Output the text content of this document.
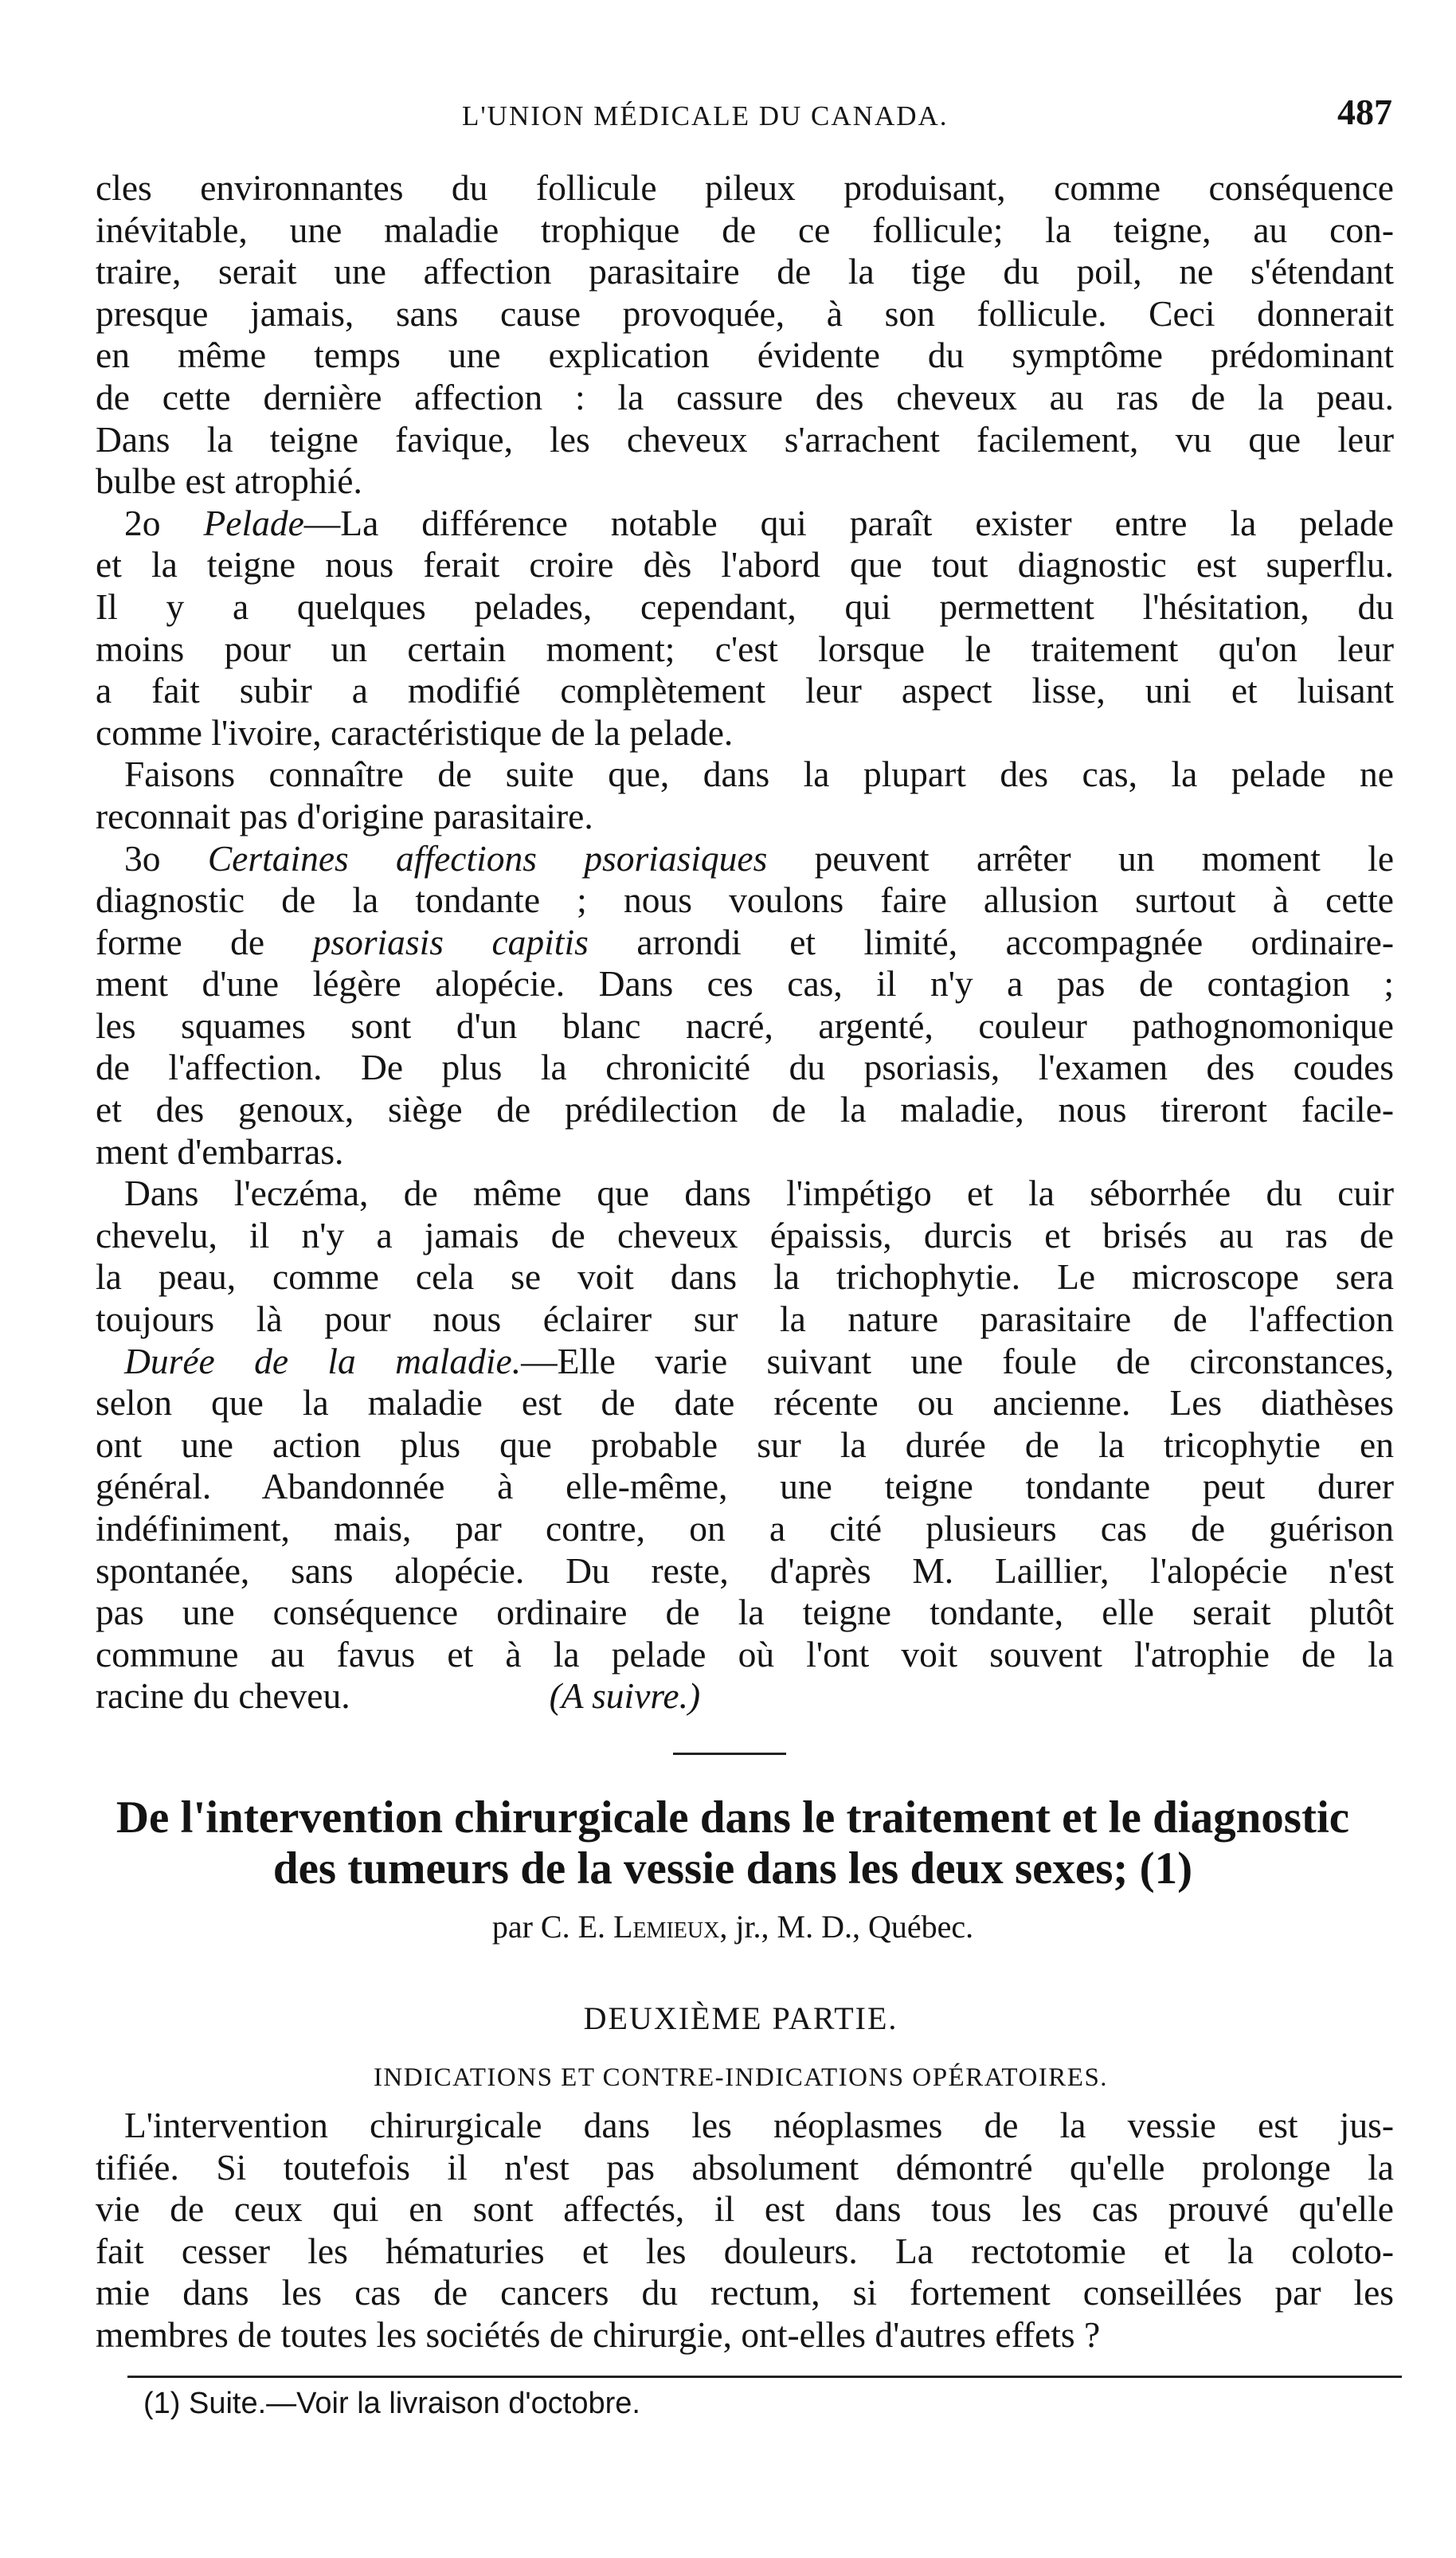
L'UNION MÉDICALE DU CANADA.	487
cles environnantes du follicule pileux produisant, comme conséquence
inévitable, une maladie trophique de ce follicule; la teigne, au con-
traire, serait une affection parasitaire de la tige du poil, ne s'étendant
presque jamais, sans cause provoquée, à son follicule. Ceci donnerait
en même temps une explication évidente du symptôme prédominant
de cette dernière affection : la cassure des cheveux au ras de la peau.
Dans la teigne favique, les cheveux s'arrachent facilement, vu que leur
bulbe est atrophié.
2o Pelade—La différence notable qui paraît exister entre la pelade
et la teigne nous ferait croire dès l'abord que tout diagnostic est superflu.
Il y a quelques pelades, cependant, qui permettent l'hésitation, du
moins pour un certain moment; c'est lorsque le traitement qu'on leur
a fait subir a modifié complètement leur aspect lisse, uni et luisant
comme l'ivoire, caractéristique de la pelade.
Faisons connaître de suite que, dans la plupart des cas, la pelade ne
reconnait pas d'origine parasitaire.
3o Certaines affections psoriasiques peuvent arrêter un moment le
diagnostic de la tondante ; nous voulons faire allusion surtout à cette
forme de psoriasis capitis arrondi et limité, accompagnée ordinaire-
ment d'une légère alopécie. Dans ces cas, il n'y a pas de contagion ;
les squames sont d'un blanc nacré, argenté, couleur pathognomonique
de l'affection. De plus la chronicité du psoriasis, l'examen des coudes
et des genoux, siège de prédilection de la maladie, nous tireront facile-
ment d'embarras.
Dans l'eczéma, de même que dans l'impétigo et la séborrhée du cuir
chevelu, il n'y a jamais de cheveux épaissis, durcis et brisés au ras de
la peau, comme cela se voit dans la trichophytie. Le microscope sera
toujours là pour nous éclairer sur la nature parasitaire de l'affection
Durée de la maladie.—Elle varie suivant une foule de circonstances,
selon que la maladie est de date récente ou ancienne. Les diathèses
ont une action plus que probable sur la durée de la tricophytie en
général. Abandonnée à elle-même, une teigne tondante peut durer
indéfiniment, mais, par contre, on a cité plusieurs cas de guérison
spontanée, sans alopécie. Du reste, d'après M. Laillier, l'alopécie n'est
pas une conséquence ordinaire de la teigne tondante, elle serait plutôt
commune au favus et à la pelade où l'ont voit souvent l'atrophie de la
racine du cheveu.	(A suivre.)
De l'intervention chirurgicale dans le traitement et le diagnostic
des tumeurs de la vessie dans les deux sexes; (1)
par C. E. Lemieux, jr., M. D., Québec.
DEUXIÈME PARTIE.
INDICATIONS ET CONTRE-INDICATIONS OPÉRATOIRES.
L'intervention chirurgicale dans les néoplasmes de la vessie est jus-
tifiée. Si toutefois il n'est pas absolument démontré qu'elle prolonge la
vie de ceux qui en sont affectés, il est dans tous les cas prouvé qu'elle
fait cesser les hématuries et les douleurs. La rectotomie et la coloto-
mie dans les cas de cancers du rectum, si fortement conseillées par les
membres de toutes les sociétés de chirurgie, ont-elles d'autres effets ?
(1) Suite.—Voir la livraison d'octobre.
